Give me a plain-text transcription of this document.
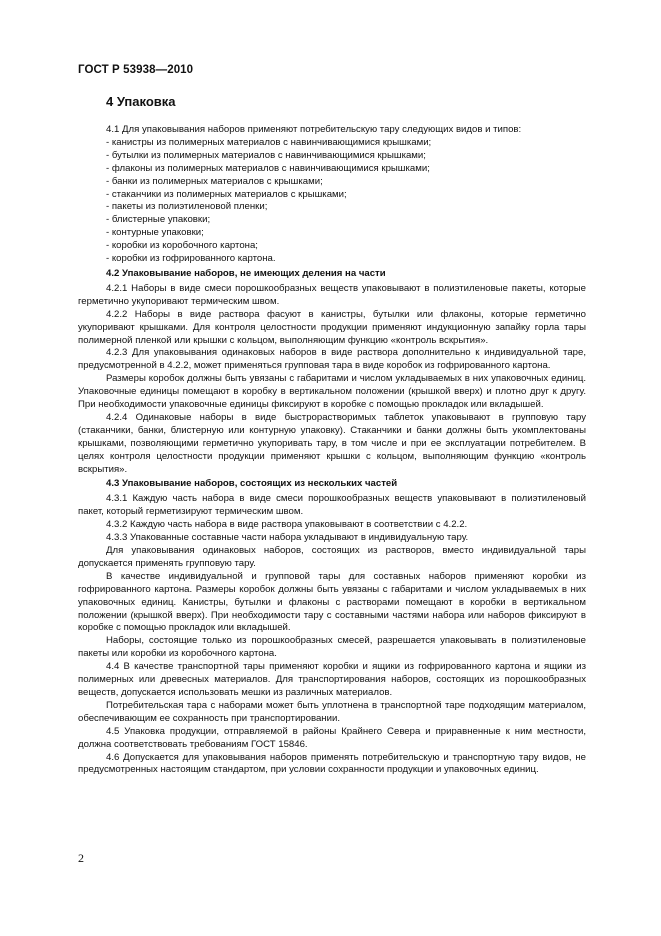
ГОСТ Р 53938—2010
4 Упаковка

4.1 Для упаковывания наборов применяют потребительскую тару следующих видов и типов:

- канистры из полимерных материалов с навинчивающимися крышками;

- бутылки из полимерных материалов с навинчивающимися крышками;

- флаконы из полимерных материалов с навинчивающимися крышками;

- банки из полимерных материалов с крышками;

- стаканчики из полимерных материалов с крышками;

- пакеты из полиэтиленовой пленки;

- блистерные упаковки;

- контурные упаковки;

- коробки из коробочного картона;

- коробки из гофрированного картона.

4.2 Упаковывание наборов, не имеющих деления на части

4.2.1 Наборы в виде смеси порошкообразных веществ упаковывают в полиэтиленовые пакеты, которые герметично укупоривают термическим швом.

4.2.2 Наборы в виде раствора фасуют в канистры, бутылки или флаконы, которые герметично укупоривают крышками. Для контроля целостности продукции применяют индукционную запайку горла тары полимерной пленкой или крышки с кольцом, выполняющим функцию «контроль вскрытия».

4.2.3 Для упаковывания одинаковых наборов в виде раствора дополнительно к индивидуальной таре, предусмотренной в 4.2.2, может применяться групповая тара в виде коробок из гофрированного картона.

Размеры коробок должны быть увязаны с габаритами и числом укладываемых в них упаковочных единиц. Упаковочные единицы помещают в коробку в вертикальном положении (крышкой вверх) и плотно друг к другу. При необходимости упаковочные единицы фиксируют в коробке с помощью прокладок или вкладышей.

4.2.4 Одинаковые наборы в виде быстрорастворимых таблеток упаковывают в групповую тару (стаканчики, банки, блистерную или контурную упаковку). Стаканчики и банки должны быть укомплектованы крышками, позволяющими герметично укупоривать тару, в том числе и при ее эксплуатации потребителем. В целях контроля целостности продукции применяют крышки с кольцом, выполняющим функцию «контроль вскрытия».

4.3 Упаковывание наборов, состоящих из нескольких частей

4.3.1 Каждую часть набора в виде смеси порошкообразных веществ упаковывают в полиэтиленовый пакет, который герметизируют термическим швом.

4.3.2 Каждую часть набора в виде раствора упаковывают в соответствии с 4.2.2.

4.3.3 Упакованные составные части набора укладывают в индивидуальную тару.

Для упаковывания одинаковых наборов, состоящих из растворов, вместо индивидуальной тары допускается применять групповую тару.

В качестве индивидуальной и групповой тары для составных наборов применяют коробки из гофрированного картона. Размеры коробок должны быть увязаны с габаритами и числом укладываемых в них упаковочных единиц. Канистры, бутылки и флаконы с растворами помещают в коробки в вертикальном положении (крышкой вверх). При необходимости тару с составными частями набора или наборов фиксируют в коробке с помощью прокладок или вкладышей.

Наборы, состоящие только из порошкообразных смесей, разрешается упаковывать в полиэтиленовые пакеты или коробки из коробочного картона.

4.4 В качестве транспортной тары применяют коробки и ящики из гофрированного картона и ящики из полимерных или древесных материалов. Для транспортирования наборов, состоящих из порошкообразных веществ, допускается использовать мешки из различных материалов.

Потребительская тара с наборами может быть уплотнена в транспортной таре подходящим материалом, обеспечивающим ее сохранность при транспортировании.

4.5 Упаковка продукции, отправляемой в районы Крайнего Севера и приравненные к ним местности, должна соответствовать требованиям ГОСТ 15846.

4.6 Допускается для упаковывания наборов применять потребительскую и транспортную тару видов, не предусмотренных настоящим стандартом, при условии сохранности продукции и упаковочных единиц.

2
